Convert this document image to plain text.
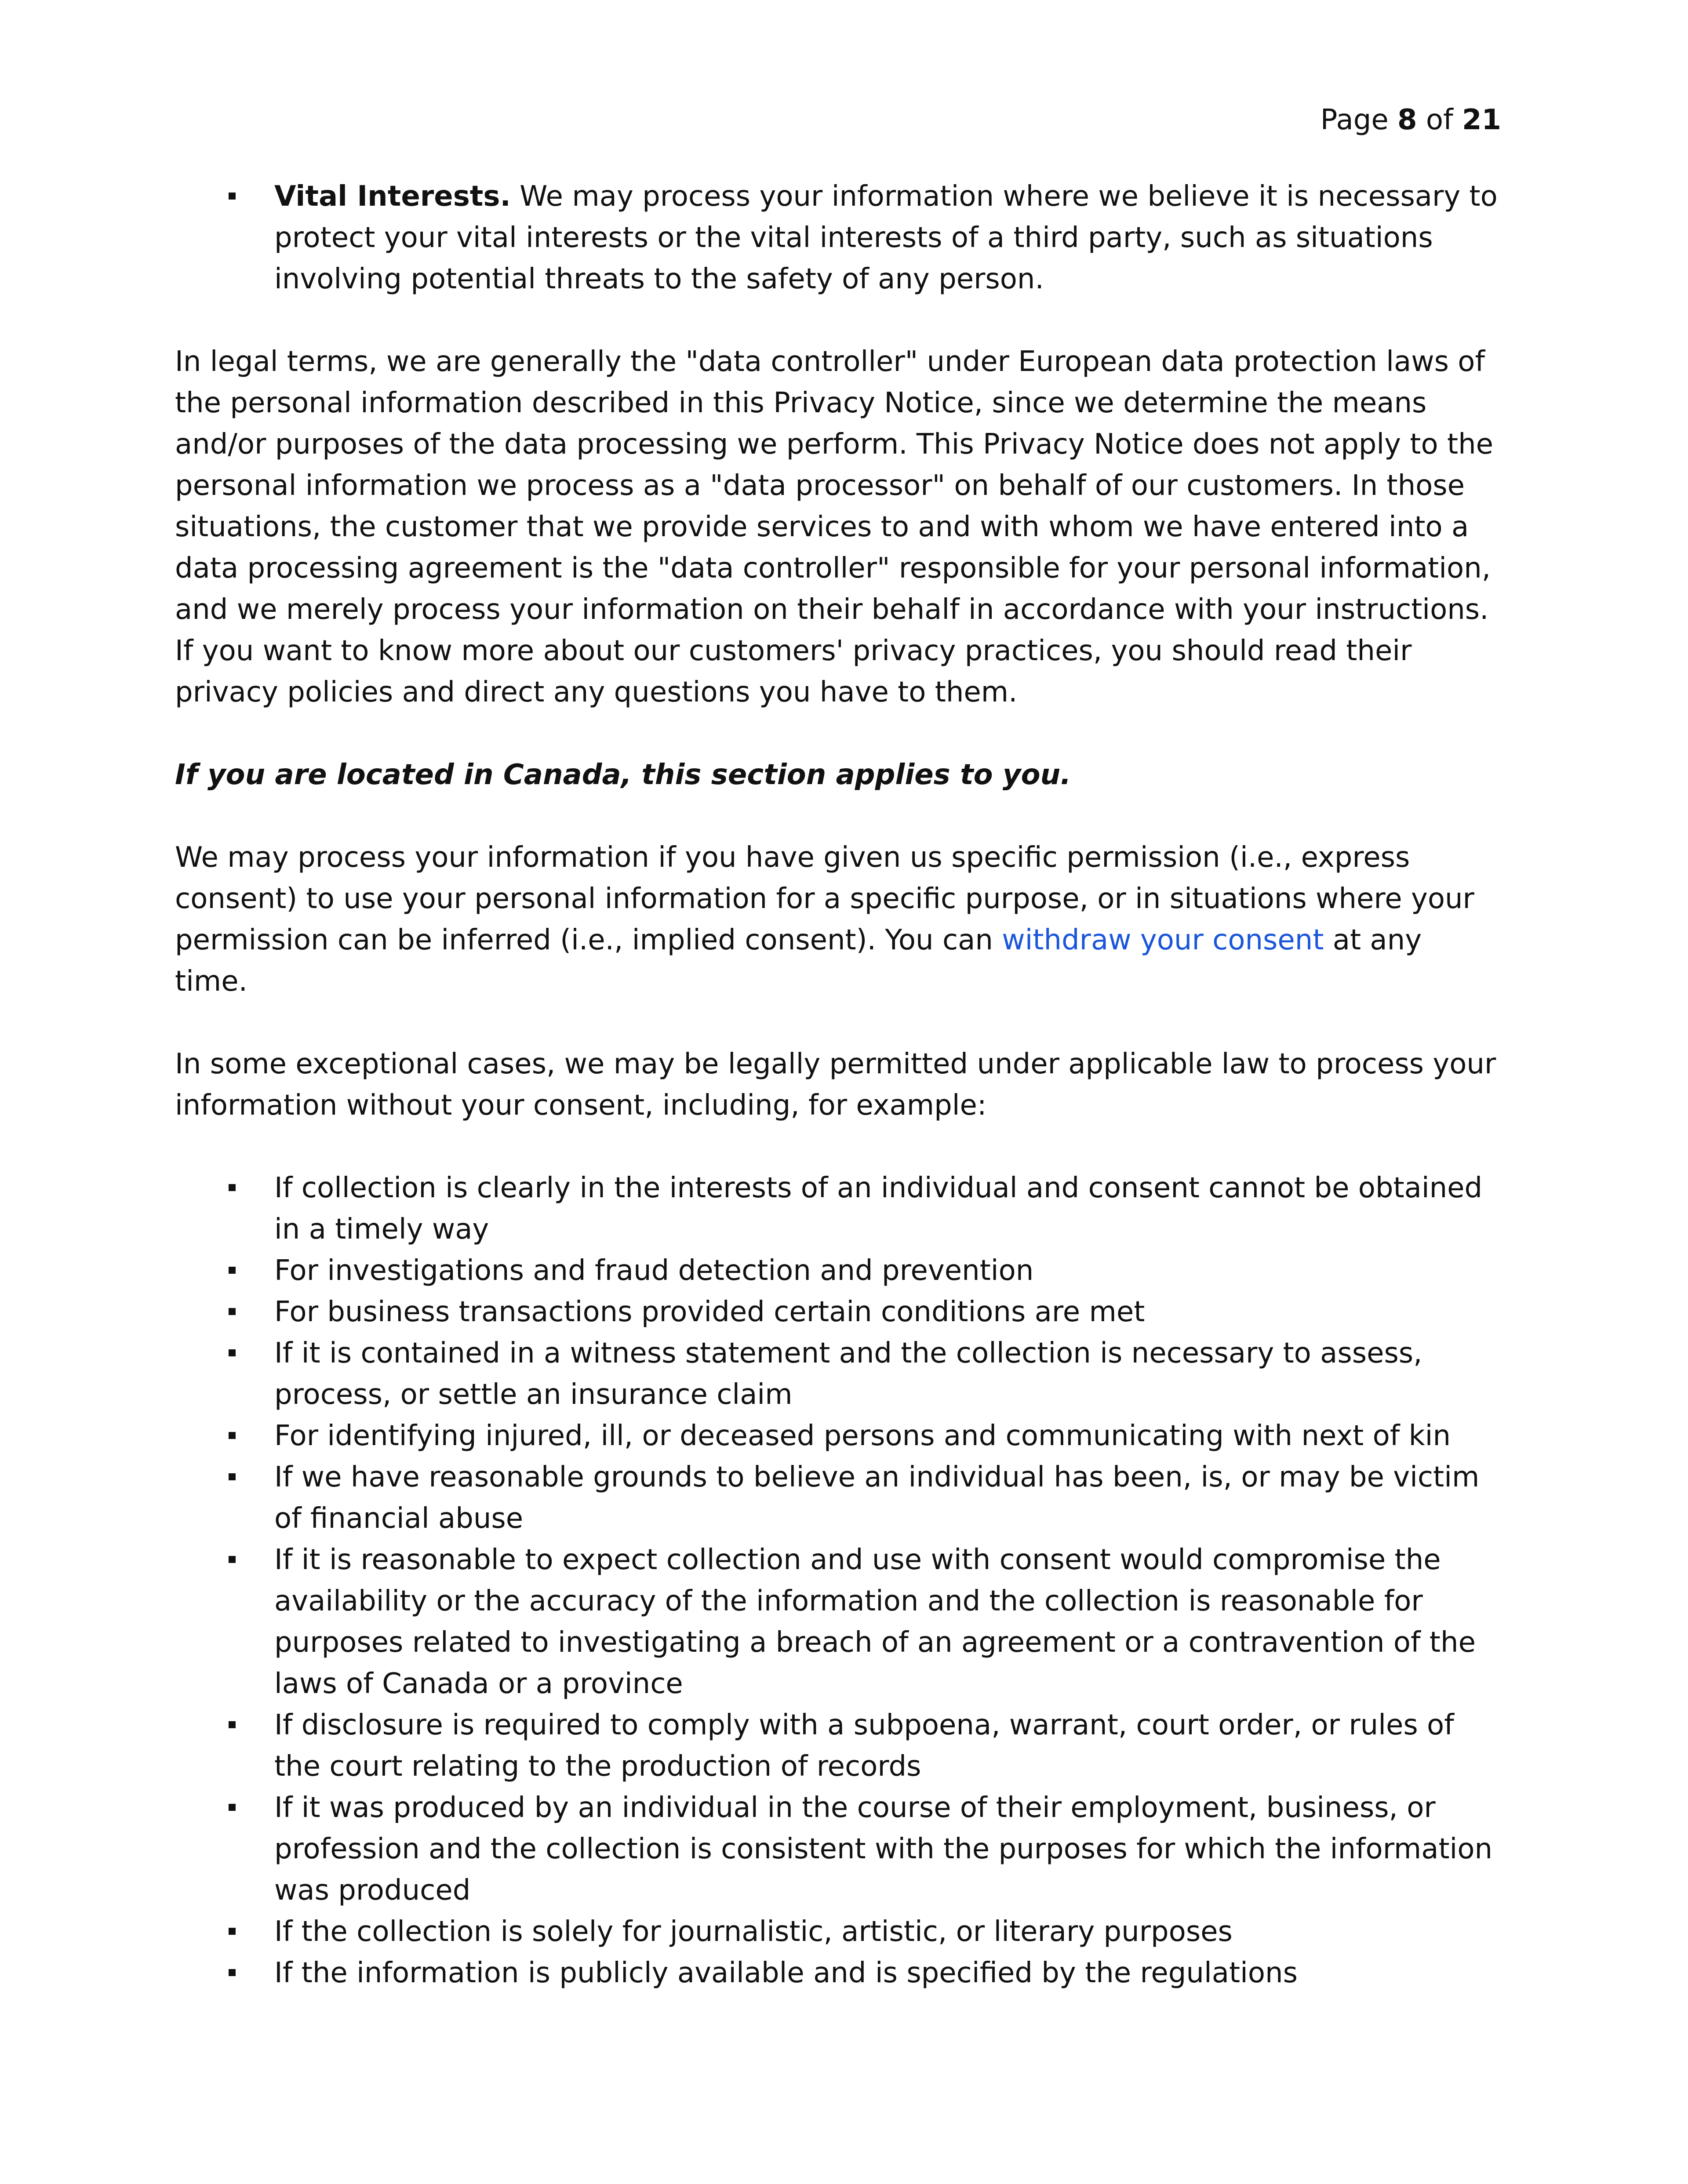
Page 8 of 21
Vital Interests. We may process your information where we believe it is necessary to protect your vital interests or the vital interests of a third party, such as situations involving potential threats to the safety of any person.

In legal terms, we are generally the "data controller" under European data protection laws of the personal information described in this Privacy Notice, since we determine the means and/or purposes of the data processing we perform. This Privacy Notice does not apply to the personal information we process as a "data processor" on behalf of our customers. In those situations, the customer that we provide services to and with whom we have entered into a data processing agreement is the "data controller" responsible for your personal information, and we merely process your information on their behalf in accordance with your instructions. If you want to know more about our customers' privacy practices, you should read their privacy policies and direct any questions you have to them.

If you are located in Canada, this section applies to you.

We may process your information if you have given us specific permission (i.e., express consent) to use your personal information for a specific purpose, or in situations where your permission can be inferred (i.e., implied consent). You can withdraw your consent at any time.

In some exceptional cases, we may be legally permitted under applicable law to process your information without your consent, including, for example:

If collection is clearly in the interests of an individual and consent cannot be obtained in a timely way
For investigations and fraud detection and prevention
For business transactions provided certain conditions are met
If it is contained in a witness statement and the collection is necessary to assess, process, or settle an insurance claim
For identifying injured, ill, or deceased persons and communicating with next of kin
If we have reasonable grounds to believe an individual has been, is, or may be victim of financial abuse
If it is reasonable to expect collection and use with consent would compromise the availability or the accuracy of the information and the collection is reasonable for purposes related to investigating a breach of an agreement or a contravention of the laws of Canada or a province
If disclosure is required to comply with a subpoena, warrant, court order, or rules of the court relating to the production of records
If it was produced by an individual in the course of their employment, business, or profession and the collection is consistent with the purposes for which the information was produced
If the collection is solely for journalistic, artistic, or literary purposes
If the information is publicly available and is specified by the regulations
